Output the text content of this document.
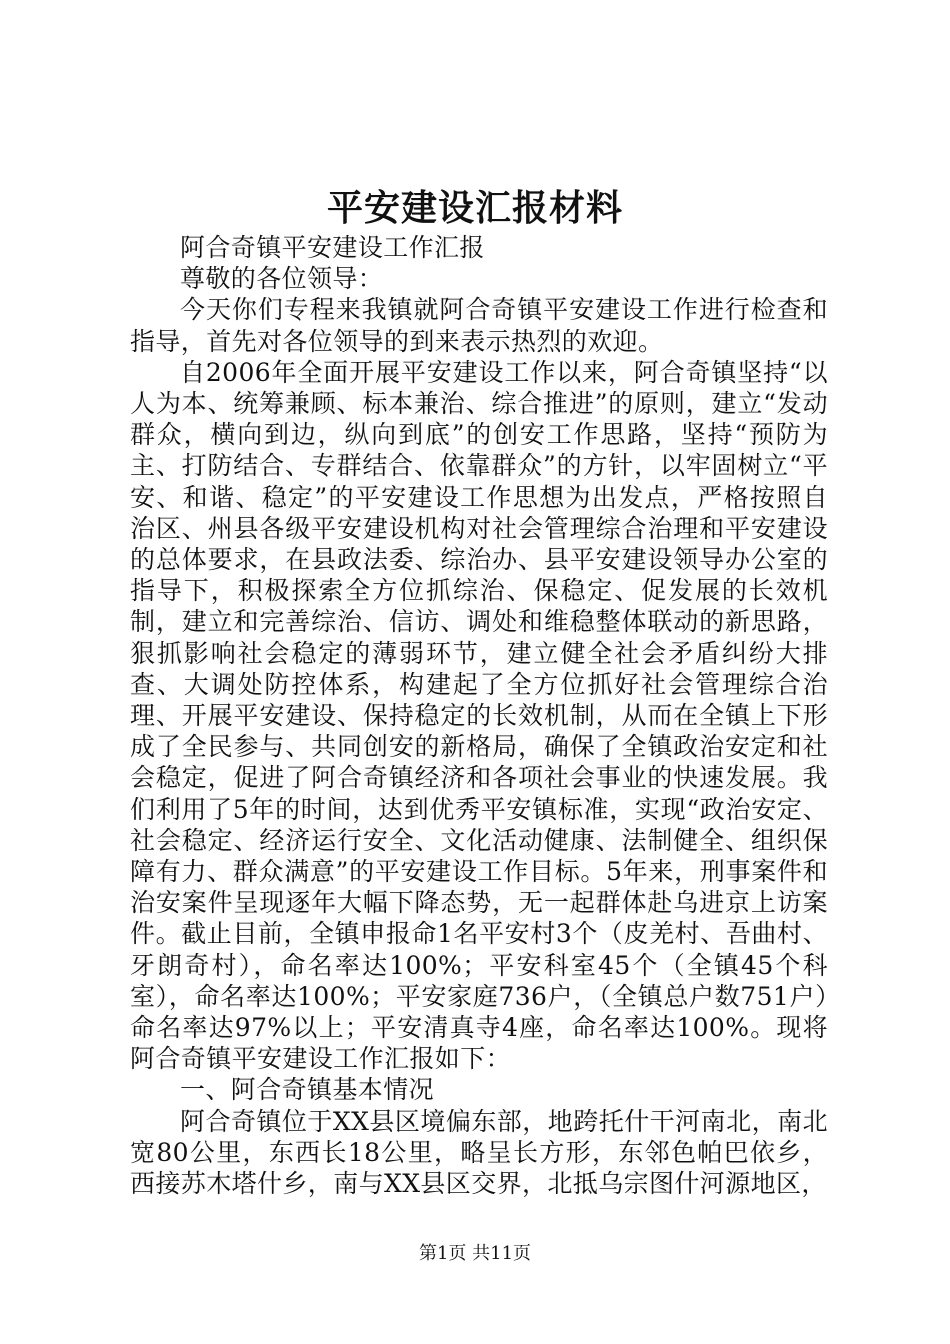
平安建设汇报材料

阿合奇镇平安建设工作汇报

尊敬的各位领导：

今天你们专程来我镇就阿合奇镇平安建设工作进行检查和指导，首先对各位领导的到来表示热烈的欢迎。

自2006年全面开展平安建设工作以来，阿合奇镇坚持“以人为本、统筹兼顾、标本兼治、综合推进”的原则，建立“发动群众，横向到边，纵向到底”的创安工作思路，坚持“预防为主、打防结合、专群结合、依靠群众”的方针，以牢固树立“平安、和谐、稳定”的平安建设工作思想为出发点，严格按照自治区、州县各级平安建设机构对社会管理综合治理和平安建设的总体要求，在县政法委、综治办、县平安建设领导办公室的指导下，积极探索全方位抓综治、保稳定、促发展的长效机制，建立和完善综治、信访、调处和维稳整体联动的新思路，狠抓影响社会稳定的薄弱环节，建立健全社会矛盾纠纷大排查、大调处防控体系，构建起了全方位抓好社会管理综合治理、开展平安建设、保持稳定的长效机制，从而在全镇上下形成了全民参与、共同创安的新格局，确保了全镇政治安定和社会稳定，促进了阿合奇镇经济和各项社会事业的快速发展。我们利用了5年的时间，达到优秀平安镇标准，实现“政治安定、社会稳定、经济运行安全、文化活动健康、法制健全、组织保障有力、群众满意”的平安建设工作目标。5年来，刑事案件和治安案件呈现逐年大幅下降态势，无一起群体赴乌进京上访案件。截止目前，全镇申报命1名平安村3个（皮羌村、吾曲村、牙朗奇村），命名率达100%；平安科室45个（全镇45个科室），命名率达100%；平安家庭736户，（全镇总户数751户）命名率达97%以上；平安清真寺4座，命名率达100%。现将阿合奇镇平安建设工作汇报如下：

一、阿合奇镇基本情况

阿合奇镇位于XX县区境偏东部，地跨托什干河南北，南北宽80公里，东西长18公里，略呈长方形，东邻色帕巴依乡，西接苏木塔什乡，南与XX县区交界，北抵乌宗图什河源地区，

第1页 共11页
